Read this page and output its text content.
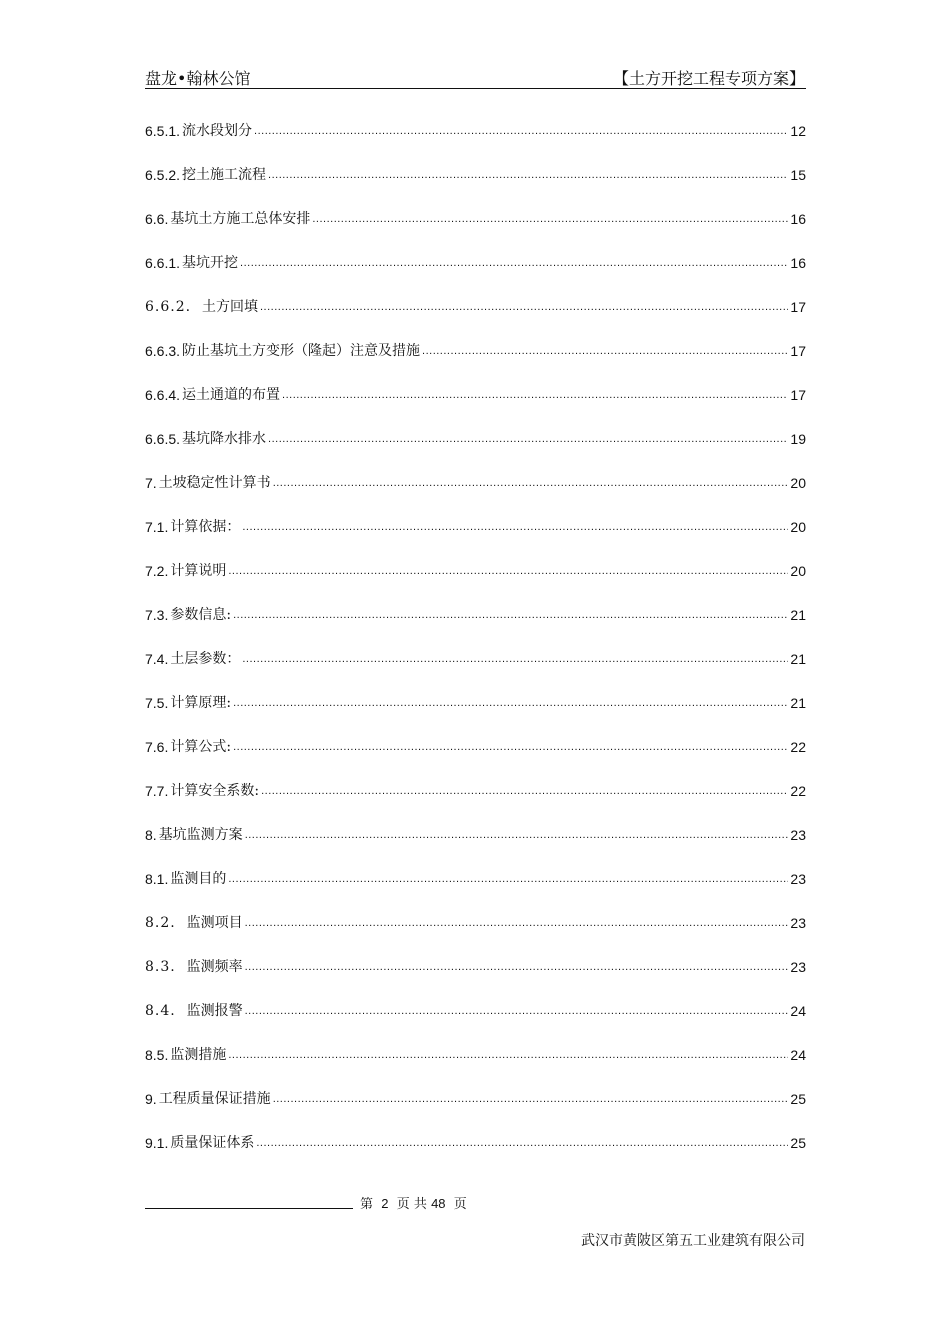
盘龙•翰林公馆	【土方开挖工程专项方案】
6.5.1. 流水段划分 .....	12
6.5.2. 挖土施工流程 .....	15
6.6. 基坑土方施工总体安排 .....	16
6.6.1. 基坑开挖 .....	16
6.6.2. 土方回填 .....	17
6.6.3. 防止基坑土方变形（隆起）注意及措施 .....	17
6.6.4. 运土通道的布置 .....	17
6.6.5. 基坑降水排水 .....	19
7. 土坡稳定性计算书 .....	20
7.1. 计算依据： .....	20
7.2. 计算说明 .....	20
7.3. 参数信息: .....	21
7.4. 土层参数： .....	21
7.5. 计算原理: .....	21
7.6. 计算公式: .....	22
7.7. 计算安全系数: .....	22
8. 基坑监测方案 .....	23
8.1. 监测目的 .....	23
8.2. 监测项目 .....	23
8.3. 监测频率 .....	23
8.4. 监测报警 .....	24
8.5. 监测措施 .....	24
9. 工程质量保证措施 .....	25
9.1. 质量保证体系 .....	25
第 2 页 共 48 页
武汉市黄陂区第五工业建筑有限公司
